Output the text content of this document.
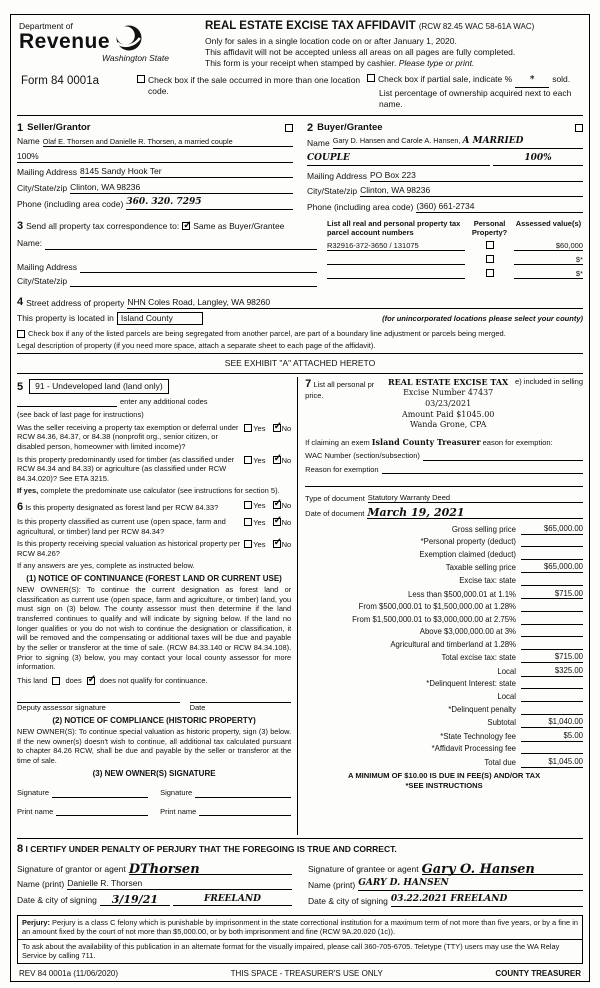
Department of
Revenue
Washington State
REAL ESTATE EXCISE TAX AFFIDAVIT (RCW 82.45 WAC 58-61A WAC)
Only for sales in a single location code on or after January 1, 2020.
This affidavit will not be accepted unless all areas on all pages are fully completed.
This form is your receipt when stamped by cashier. Please type or print.
Form 84 0001a	Check box if the sale occurred in more than one location code.
Check box if partial sale, indicate %	*	sold.
List percentage of ownership acquired next to each name.
1 Seller/Grantor
Name Olaf E. Thorsen and Danielle R. Thorsen, a married couple
100%
Mailing Address 8145 Sandy Hook Ter
City/State/zip Clinton, WA 98236
Phone (including area code) 360. 320. 7295
2 Buyer/Grantee
Name Gary D. Hansen and Carole A. Hansen, A MARRIED
COUPLE	100%
Mailing Address PO Box 223
City/State/zip Clinton, WA 98236
Phone (including area code) (360) 661-2734
3 Send all property tax correspondence to: ✓ Same as Buyer/Grantee
Name:
Mailing Address
City/State/zip
List all real and personal property tax parcel account numbers
Personal Property?
Assessed value(s)
R32916-372-3650 / 131075	$60,000
$*
$*
4 Street address of property NHN Coles Road, Langley, WA 98260
This property is located in Island County	(for unincorporated locations please select your county)
Check box if any of the listed parcels are being segregated from another parcel, are part of a boundary line adjustment or parcels being merged.
Legal description of property (if you need more space, attach a separate sheet to each page of the affidavit).
SEE EXHIBIT "A" ATTACHED HERETO
5	91 - Undeveloped land (land only)
enter any additional codes
(see back of last page for instructions)
Was the seller receiving a property tax exemption or deferral under RCW 84.36, 84.37, or 84.38 (nonprofit org., senior citizen, or disabled person, homeowner with limited income)?
Yes ✓ No
Is this property predominantly used for timber (as classified under RCW 84.34 and 84.33) or agriculture (as classified under RCW 84.34.020)? See ETA 3215.
Yes ✓ No
If yes, complete the predominate use calculator (see instructions for section 5).
6 Is this property designated as forest land per RCW 84.33?	Yes ✓ No
Is this property classified as current use (open space, farm and agricultural, or timber) land per RCW 84.34?
Yes ✓ No
Is this property receiving special valuation as historical property per RCW 84.26?
Yes ✓ No
If any answers are yes, complete as instructed below.
(1) NOTICE OF CONTINUANCE (FOREST LAND OR CURRENT USE)
NEW OWNER(S): To continue the current designation as forest land or classification as current use (open space, farm and agriculture, or timber) land, you must sign on (3) below. The county assessor must then determine if the land transferred continues to qualify and will indicate by signing below. If the land no longer qualifies or you do not wish to continue the designation or classification, it will be removed and the compensating or additional taxes will be due and payable by the seller or transferor at the time of sale. (RCW 84.33.140 or RCW 84.34.108). Prior to signing (3) below, you may contact your local county assessor for more information.
This land does ✓ does not qualify for continuance.
Deputy assessor signature	Date
(2) NOTICE OF COMPLIANCE (HISTORIC PROPERTY)
NEW OWNER(S): To continue special valuation as historic property, sign (3) below. If the new owner(s) doesn't wish to continue, all additional tax calculated pursuant to chapter 84.26 RCW, shall be due and payable by the seller or transferor at the time of sale.
(3) NEW OWNER(S) SIGNATURE
Signature	Signature
Print name	Print name
7 List all personal pr	e) included in selling
price.
REAL ESTATE EXCISE TAX
Excise Number 47437
03/23/2021
Amount Paid $1045.00
Wanda Grone, CPA
If claiming an exem Island County Treasurer eason for exemption:
WAC Number (section/subsection)
Reason for exemption
Type of document Statutory Warranty Deed
Date of document March 19, 2021
Gross selling price	$65,000.00
*Personal property (deduct)
Exemption claimed (deduct)
Taxable selling price	$65,000.00
Excise tax: state
Less than $500,000.01 at 1.1%	$715.00
From $500,000.01 to $1,500,000.00 at 1.28%
From $1,500,000.01 to $3,000,000.00 at 2.75%
Above $3,000,000.00 at 3%
Agricultural and timberland at 1.28%
Total excise tax: state	$715.00
Local	$325.00
*Delinquent Interest: state
Local
*Delinquent penalty
Subtotal	$1,040.00
*State Technology fee	$5.00
*Affidavit Processing fee
Total due	$1,045.00
A MINIMUM OF $10.00 IS DUE IN FEE(S) AND/OR TAX
*SEE INSTRUCTIONS
8 I CERTIFY UNDER PENALTY OF PERJURY THAT THE FOREGOING IS TRUE AND CORRECT.
Signature of grantor or agent DThorsen
Name (print) Danielle R. Thorsen
Date & city of signing	3/19/21	FREELAND
Signature of grantee or agent Gary O. Hansen
Name (print) GARY D. HANSEN
Date & city of signing 03.22.2021 FREELAND
Perjury: Perjury is a class C felony which is punishable by imprisonment in the state correctional institution for a maximum term of not more than five years, or by a fine in an amount fixed by the court of not more than $5,000.00, or by both imprisonment and fine (RCW 9A.20.020 (1c)).
To ask about the availability of this publication in an alternate format for the visually impaired, please call 360-705-6705. Teletype (TTY) users may use the WA Relay Service by calling 711.
REV 84 0001a (11/06/2020)	THIS SPACE - TREASURER'S USE ONLY	COUNTY TREASURER
